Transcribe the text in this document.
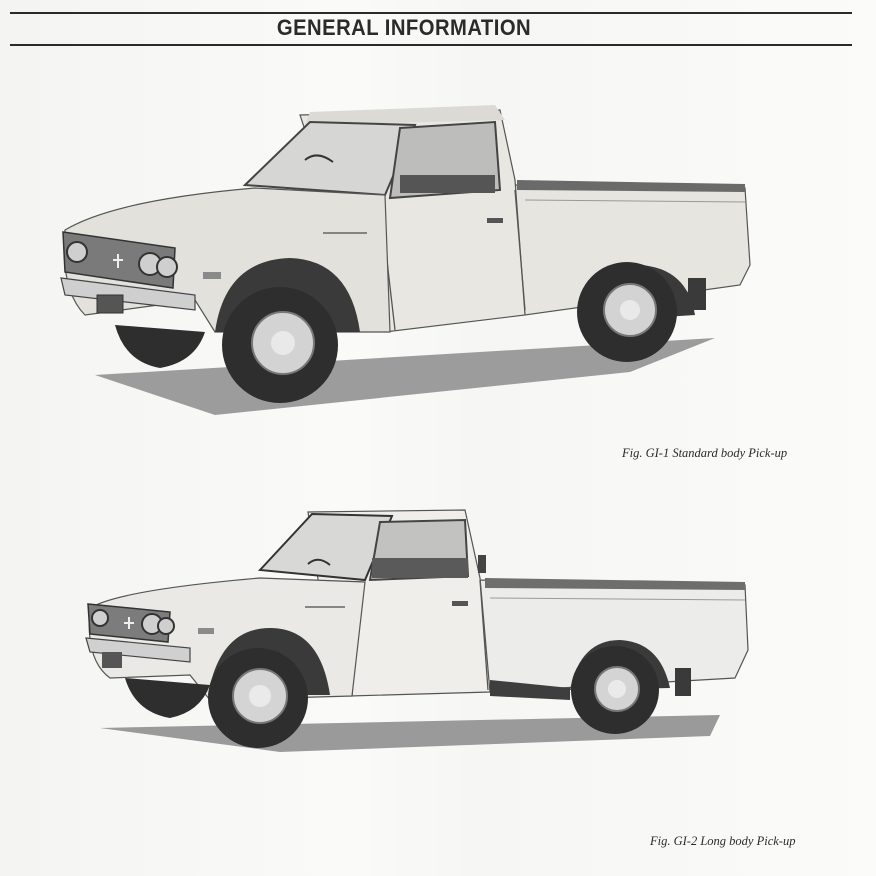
GENERAL INFORMATION
Fig. GI-1 Standard body Pick-up
Fig. GI-2 Long body Pick-up
